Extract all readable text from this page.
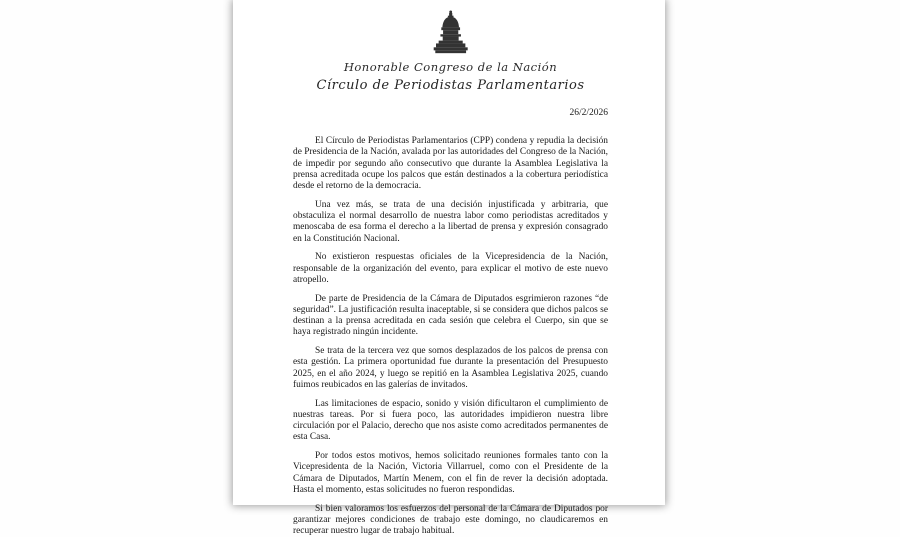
Honorable Congreso de la Nación
Círculo de Periodistas Parlamentarios
26/2/2026

El Círculo de Periodistas Parlamentarios (CPP) condena y repudia la decisión de Presidencia de la Nación, avalada por las autoridades del Congreso de la Nación, de impedir por segundo año consecutivo que durante la Asamblea Legislativa la prensa acreditada ocupe los palcos que están destinados a la cobertura periodística desde el retorno de la democracia.

Una vez más, se trata de una decisión injustificada y arbitraria, que obstaculiza el normal desarrollo de nuestra labor como periodistas acreditados y menoscaba de esa forma el derecho a la libertad de prensa y expresión consagrado en la Constitución Nacional.

No existieron respuestas oficiales de la Vicepresidencia de la Nación, responsable de la organización del evento, para explicar el motivo de este nuevo atropello.

De parte de Presidencia de la Cámara de Diputados esgrimieron razones “de seguridad”. La justificación resulta inaceptable, si se considera que dichos palcos se destinan a la prensa acreditada en cada sesión que celebra el Cuerpo, sin que se haya registrado ningún incidente.

Se trata de la tercera vez que somos desplazados de los palcos de prensa con esta gestión. La primera oportunidad fue durante la presentación del Presupuesto 2025, en el año 2024, y luego se repitió en la Asamblea Legislativa 2025, cuando fuimos reubicados en las galerías de invitados.

Las limitaciones de espacio, sonido y visión dificultaron el cumplimiento de nuestras tareas. Por si fuera poco, las autoridades impidieron nuestra libre circulación por el Palacio, derecho que nos asiste como acreditados permanentes de esta Casa.

Por todos estos motivos, hemos solicitado reuniones formales tanto con la Vicepresidenta de la Nación, Victoria Villarruel, como con el Presidente de la Cámara de Diputados, Martín Menem, con el fin de rever la decisión adoptada. Hasta el momento, estas solicitudes no fueron respondidas.

Si bien valoramos los esfuerzos del personal de la Cámara de Diputados por garantizar mejores condiciones de trabajo este domingo, no claudicaremos en recuperar nuestro lugar de trabajo habitual.
